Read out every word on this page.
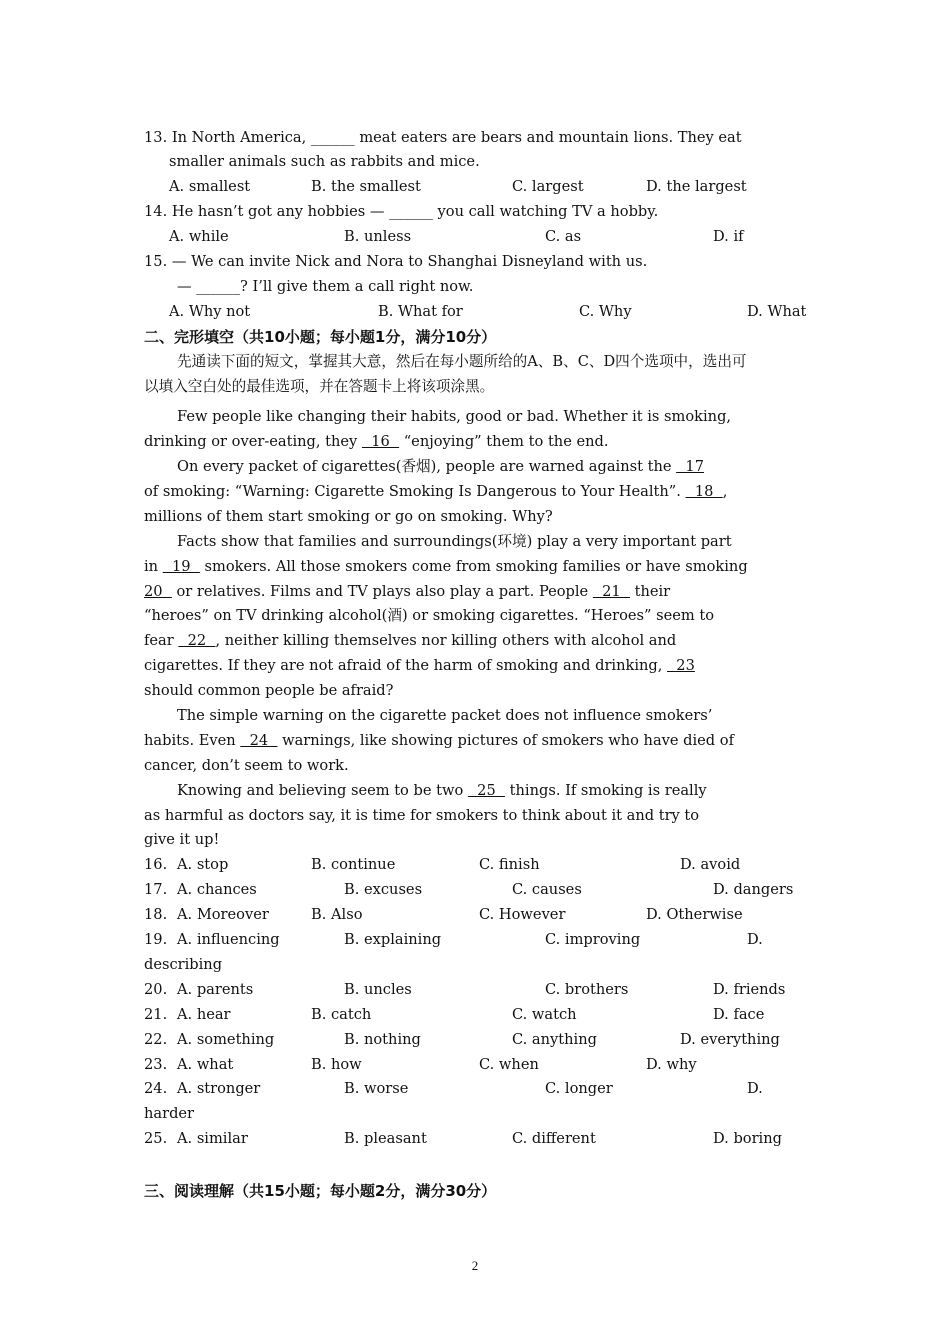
13. In North America, ______ meat eaters are bears and mountain lions. They eat
smaller animals such as rabbits and mice.
A. smallest	B. the smallest	C. largest	D. the largest
14. He hasn’t got any hobbies — ______ you call watching TV a hobby.
A. while	B. unless	C. as	D. if
15. — We can invite Nick and Nora to Shanghai Disneyland with us.
— ______? I’ll give them a call right now.
A. Why not	B. What for	C. Why	D. What
二、完形填空（共10小题；每小题1分，满分10分）
先通读下面的短文，掌握其大意，然后在每小题所给的A、B、C、D四个选项中，选出可
以填入空白处的最佳选项，并在答题卡上将该项涂黑。
Few people like changing their habits, good or bad. Whether it is smoking,
drinking or over-eating, they   16   “enjoying” them to the end.
On every packet of cigarettes(香烟), people are warned against the   17
of smoking: “Warning: Cigarette Smoking Is Dangerous to Your Health”.   18  ,
millions of them start smoking or go on smoking. Why?
Facts show that families and surroundings(环境) play a very important part
in   19   smokers. All those smokers come from smoking families or have smoking
20   or relatives. Films and TV plays also play a part. People   21   their
“heroes” on TV drinking alcohol(酒) or smoking cigarettes. “Heroes” seem to
fear   22  , neither killing themselves nor killing others with alcohol and
cigarettes. If they are not afraid of the harm of smoking and drinking,   23
should common people be afraid?
The simple warning on the cigarette packet does not influence smokers’
habits. Even   24   warnings, like showing pictures of smokers who have died of
cancer, don’t seem to work.
Knowing and believing seem to be two   25   things. If smoking is really
as harmful as doctors say, it is time for smokers to think about it and try to
give it up!
16. A. stop	B. continue	C. finish	D. avoid
17. A. chances	B. excuses	C. causes	D. dangers
18. A. Moreover	B. Also	C. However	D. Otherwise
19. A. influencing	B. explaining	C. improving	D.
describing
20. A. parents	B. uncles	C. brothers	D. friends
21. A. hear	B. catch	C. watch	D. face
22. A. something	B. nothing	C. anything	D. everything
23. A. what	B. how	C. when	D. why
24. A. stronger	B. worse	C. longer	D.
harder
25. A. similar	B. pleasant	C. different	D. boring
三、阅读理解（共15小题；每小题2分，满分30分）
2
